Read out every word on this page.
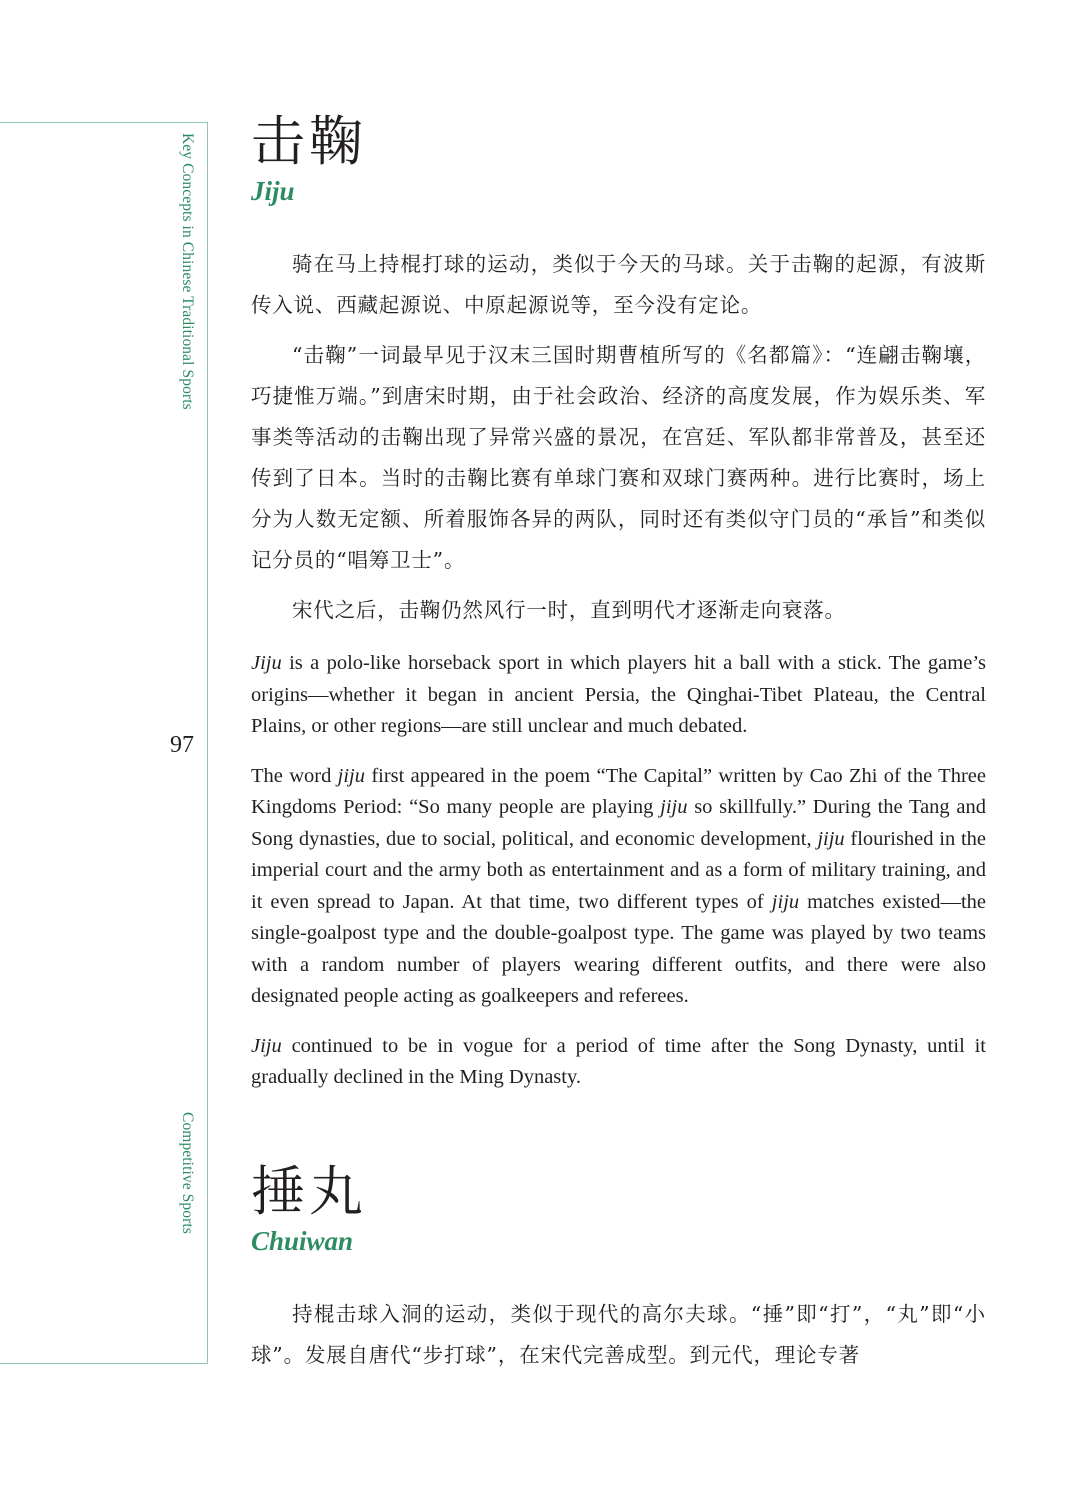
Key Concepts in Chinese Traditional Sports
97
Competitive Sports
击鞠
Jiju

骑在马上持棍打球的运动，类似于今天的马球。关于击鞠的起源，有波斯传入说、西藏起源说、中原起源说等，至今没有定论。

“击鞠”一词最早见于汉末三国时期曹植所写的《名都篇》：“连翩击鞠壤，巧捷惟万端。”到唐宋时期，由于社会政治、经济的高度发展，作为娱乐类、军事类等活动的击鞠出现了异常兴盛的景况，在宫廷、军队都非常普及，甚至还传到了日本。当时的击鞠比赛有单球门赛和双球门赛两种。进行比赛时，场上分为人数无定额、所着服饰各异的两队，同时还有类似守门员的“承旨”和类似记分员的“唱筹卫士”。

宋代之后，击鞠仍然风行一时，直到明代才逐渐走向衰落。

Jiju is a polo-like horseback sport in which players hit a ball with a stick. The game’s origins—whether it began in ancient Persia, the Qinghai-Tibet Plateau, the Central Plains, or other regions—are still unclear and much debated.

The word jiju first appeared in the poem “The Capital” written by Cao Zhi of the Three Kingdoms Period: “So many people are playing jiju so skillfully.” During the Tang and Song dynasties, due to social, political, and economic development, jiju flourished in the imperial court and the army both as entertainment and as a form of military training, and it even spread to Japan. At that time, two different types of jiju matches existed—the single-goalpost type and the double-goalpost type. The game was played by two teams with a random number of players wearing different outfits, and there were also designated people acting as goalkeepers and referees.

Jiju continued to be in vogue for a period of time after the Song Dynasty, until it gradually declined in the Ming Dynasty.

捶丸
Chuiwan

持棍击球入洞的运动，类似于现代的高尔夫球。“捶”即“打”，“丸”即“小球”。发展自唐代“步打球”，在宋代完善成型。到元代，理论专著
